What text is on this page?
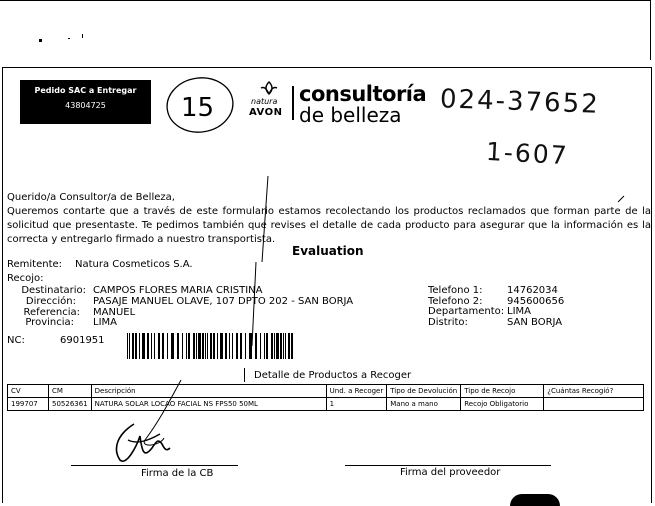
Pedido SAC a Entregar
43804725	15	natura
AVON
consultoría
de belleza 024-37652
1-607
Querido/a Consultor/a de Belleza,
Queremos contarte que a través de este formulario estamos recolectando los productos reclamados que forman parte de la
solicitud que presentaste. Te pedimos también que revises el detalle de cada producto para asegurar que la información es la
correcta y entregarlo firmado a nuestro transportista.
Evaluation
Remitente: Natura Cosmeticos S.A.
Recojo:
Destinatario: CAMPOS FLORES MARIA CRISTINA
Dirección: PASAJE MANUEL OLAVE, 107 DPTO 202 - SAN BORJA
Referencia: MANUEL
Provincia: LIMA
Telefono 1: 14762034
Telefono 2: 945600656
Departamento: LIMA
Distrito:	SAN BORJA
NC:	6901951
Detalle de Productos a Recoger
CV	CM	Descripción	Und. a Recoger	Tipo de Devolución	Tipo de Recojo	¿Cuántas Recogió?
199707	50526361	NATURA SOLAR LOCAO FACIAL NS FPS50 50ML	1	Mano a mano	Recojo Obligatorio	
Firma de la CB	Firma del proveedor
